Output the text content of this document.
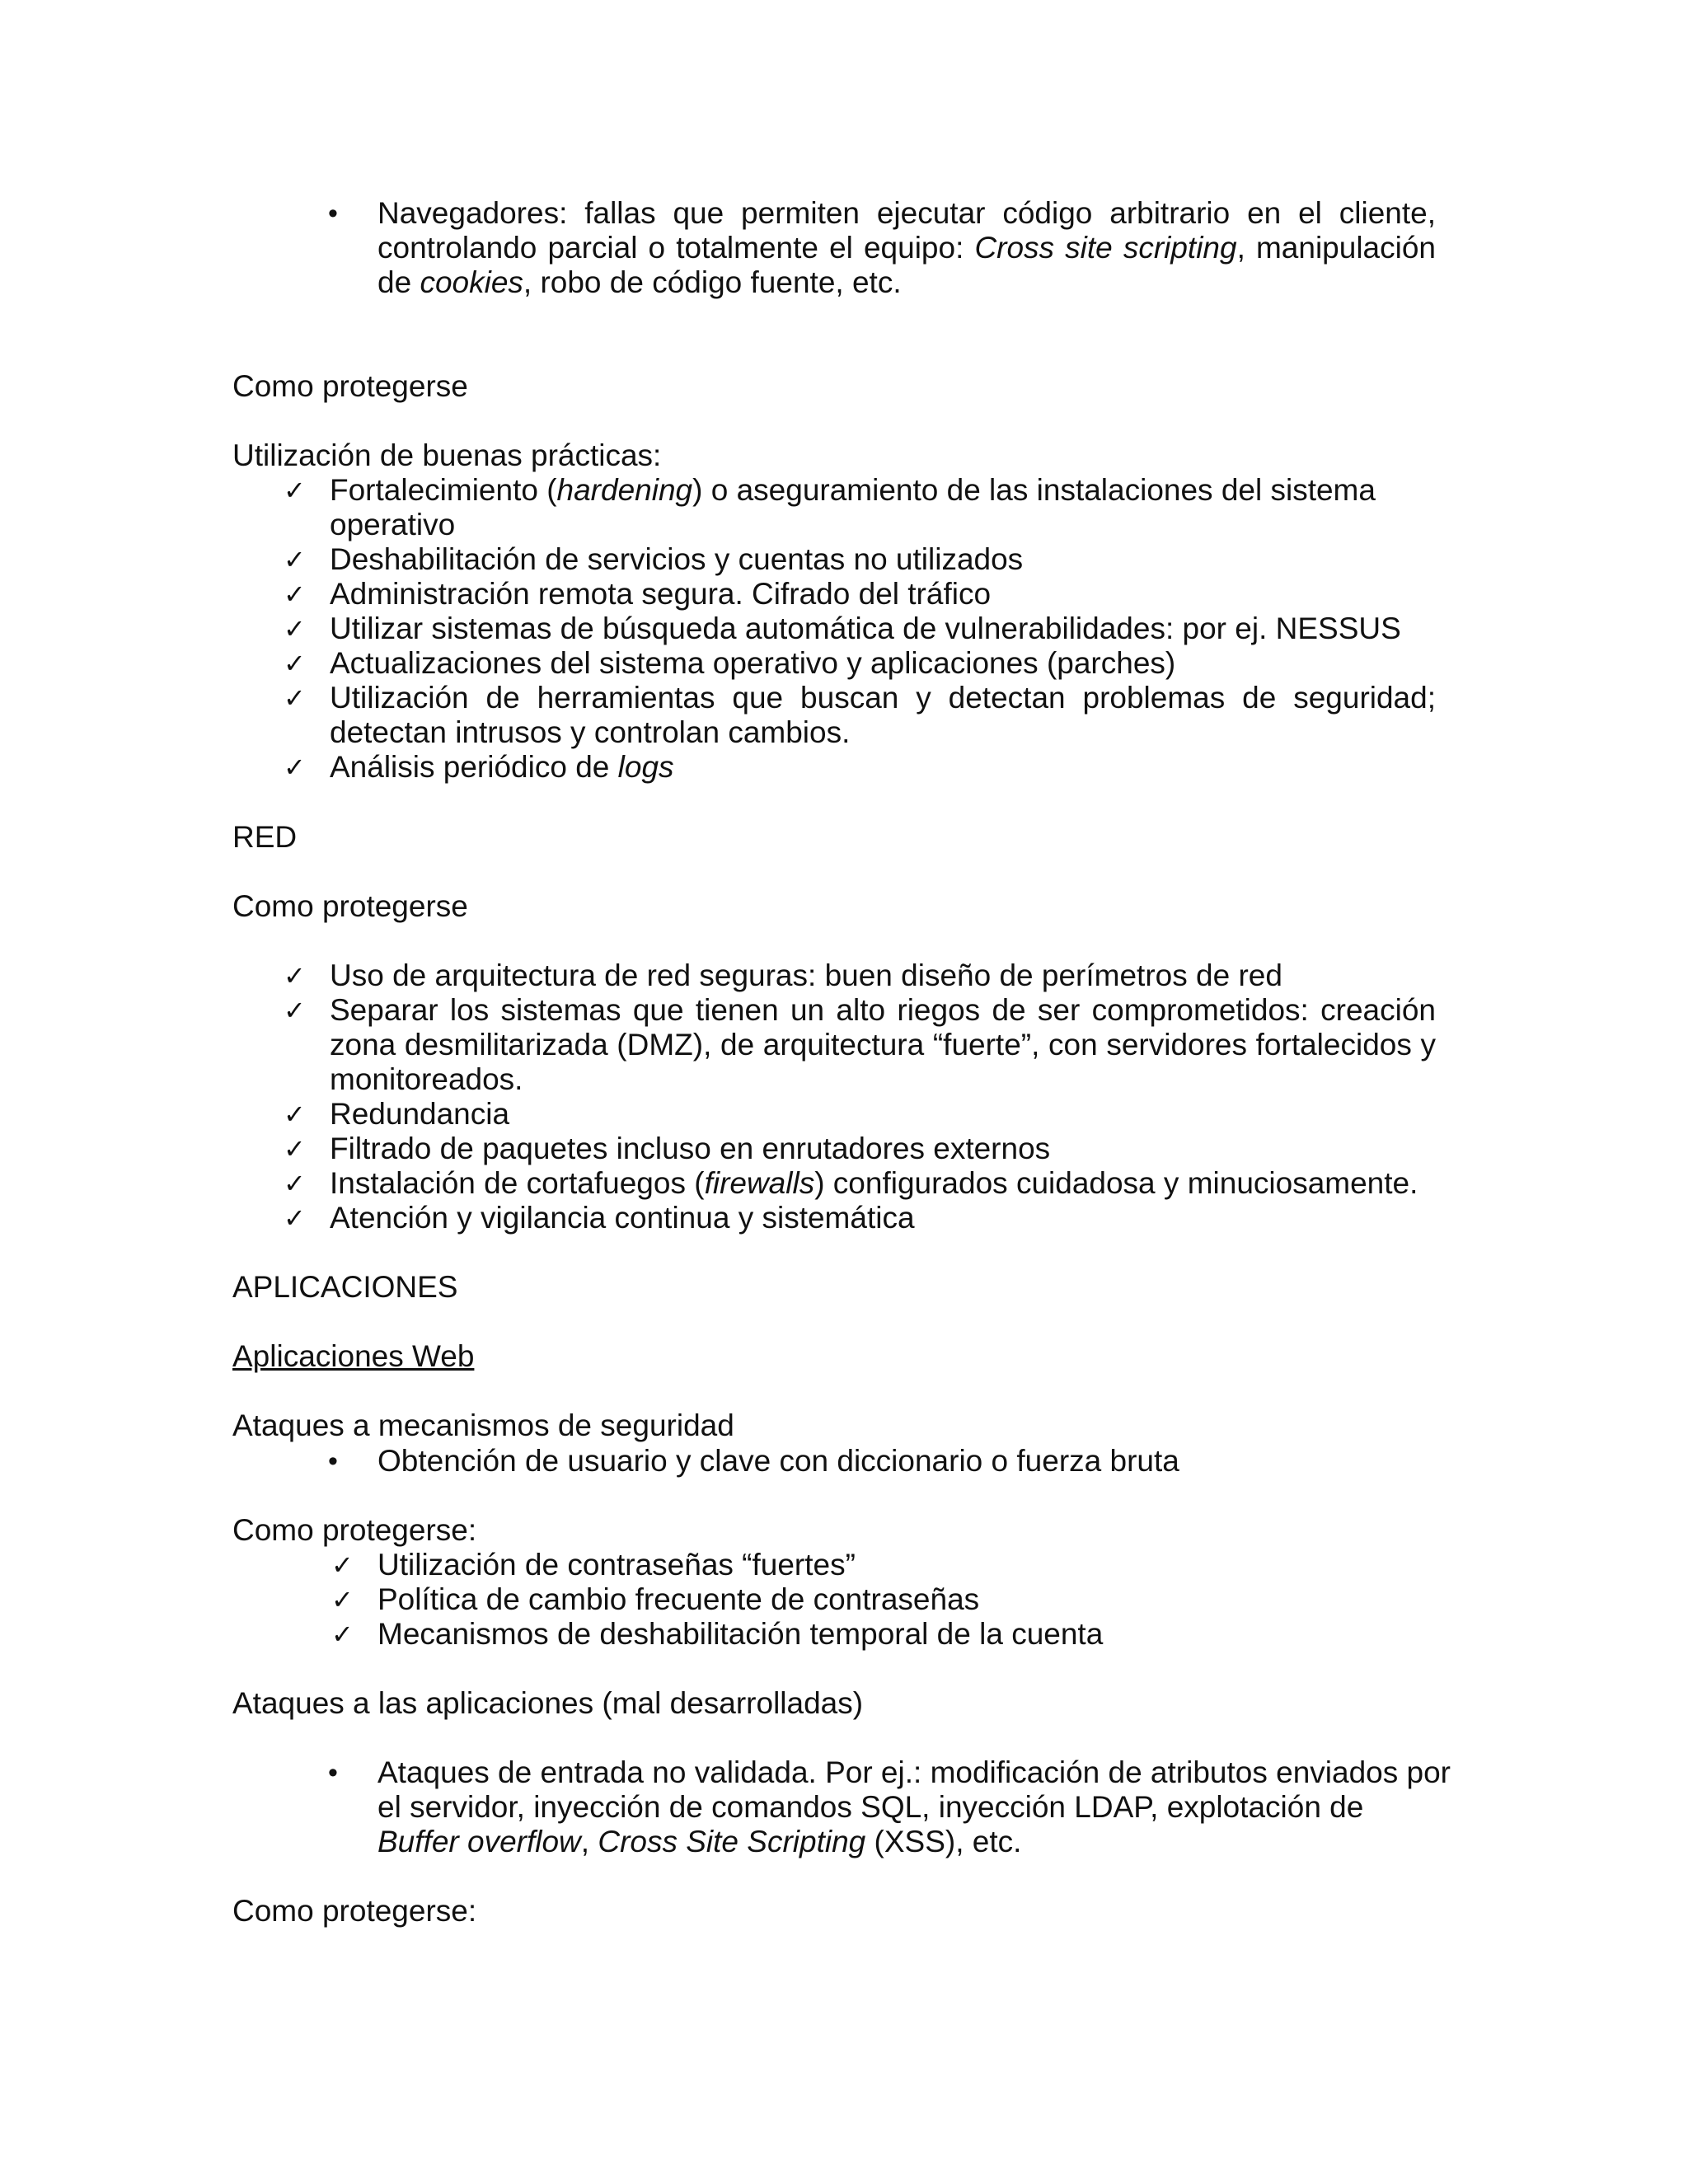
• Navegadores: fallas que permiten ejecutar código arbitrario en el cliente,
controlando parcial o totalmente el equipo: Cross site scripting, manipulación
de cookies, robo de código fuente, etc.

Como protegerse

Utilización de buenas prácticas:

✓ Fortalecimiento (hardening) o aseguramiento de las instalaciones del sistema
operativo
✓ Deshabilitación de servicios y cuentas no utilizados
✓ Administración remota segura. Cifrado del tráfico
✓ Utilizar sistemas de búsqueda automática de vulnerabilidades: por ej. NESSUS
✓ Actualizaciones del sistema operativo y aplicaciones (parches)
✓ Utilización de herramientas que buscan y detectan problemas de seguridad;
detectan intrusos y controlan cambios.
✓ Análisis periódico de logs

RED

Como protegerse

✓ Uso de arquitectura de red seguras: buen diseño de perímetros de red
✓ Separar los sistemas que tienen un alto riegos de ser comprometidos: creación
zona desmilitarizada (DMZ), de arquitectura “fuerte”, con servidores fortalecidos y
monitoreados.
✓ Redundancia
✓ Filtrado de paquetes incluso en enrutadores externos
✓ Instalación de cortafuegos (firewalls) configurados cuidadosa y minuciosamente.
✓ Atención y vigilancia continua y sistemática

APLICACIONES

Aplicaciones Web

Ataques a mecanismos de seguridad

• Obtención de usuario y clave con diccionario o fuerza bruta

Como protegerse:

✓ Utilización de contraseñas “fuertes”
✓ Política de cambio frecuente de contraseñas
✓ Mecanismos de deshabilitación temporal de la cuenta

Ataques a las aplicaciones (mal desarrolladas)

• Ataques de entrada no validada. Por ej.: modificación de atributos enviados por
el servidor, inyección de comandos SQL, inyección LDAP, explotación de
Buffer overflow, Cross Site Scripting (XSS), etc.

Como protegerse:
